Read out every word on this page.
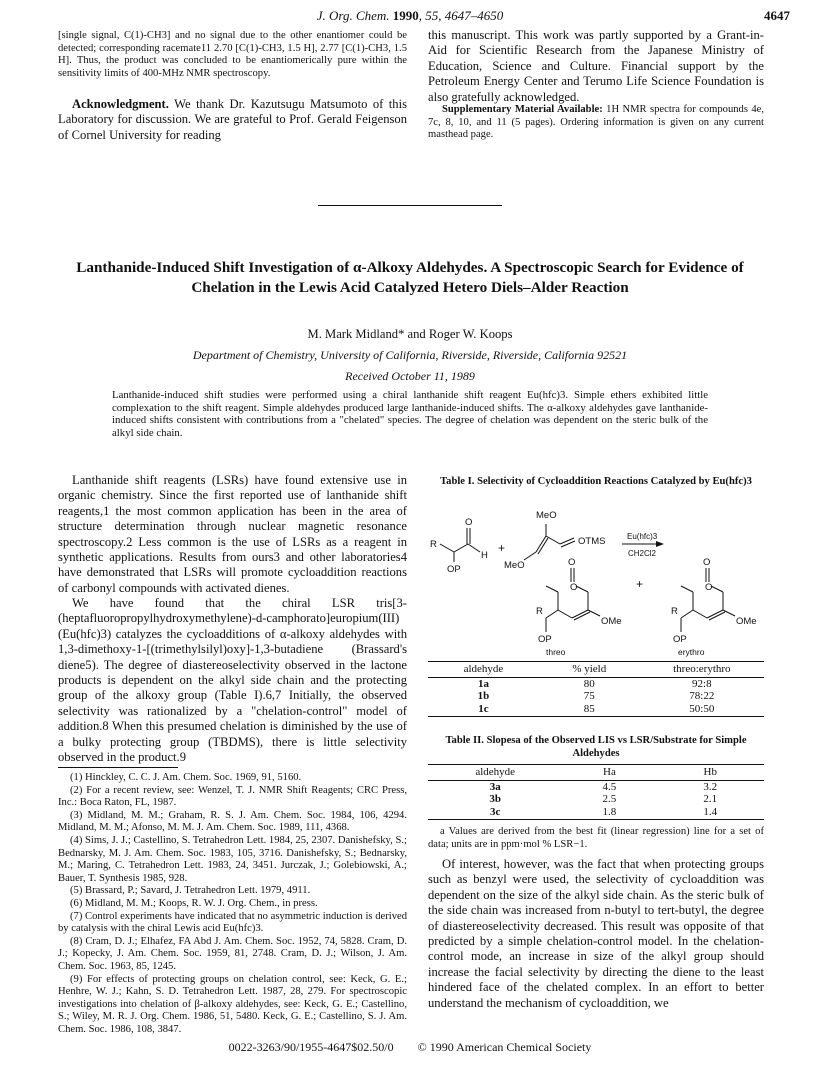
J. Org. Chem. 1990, 55, 4647–4650	4647
[single signal, C(1)-CH3] and no signal due to the other enantiomer could be detected; corresponding racemate11 2.70 [C(1)-CH3, 1.5 H], 2.77 [C(1)-CH3, 1.5 H]. Thus, the product was concluded to be enantiomerically pure within the sensitivity limits of 400-MHz NMR spectroscopy.
Acknowledgment. We thank Dr. Kazutsugu Matsumoto of this Laboratory for discussion. We are grateful to Prof. Gerald Feigenson of Cornel University for reading
this manuscript. This work was partly supported by a Grant-in-Aid for Scientific Research from the Japanese Ministry of Education, Science and Culture. Financial support by the Petroleum Energy Center and Terumo Life Science Foundation is also gratefully acknowledged.
Supplementary Material Available: 1H NMR spectra for compounds 4e, 7c, 8, 10, and 11 (5 pages). Ordering information is given on any current masthead page.
Lanthanide-Induced Shift Investigation of α-Alkoxy Aldehydes. A Spectroscopic Search for Evidence of Chelation in the Lewis Acid Catalyzed Hetero Diels–Alder Reaction
M. Mark Midland* and Roger W. Koops
Department of Chemistry, University of California, Riverside, Riverside, California 92521
Received October 11, 1989
Lanthanide-induced shift studies were performed using a chiral lanthanide shift reagent Eu(hfc)3. Simple ethers exhibited little complexation to the shift reagent. Simple aldehydes produced large lanthanide-induced shifts. The α-alkoxy aldehydes gave lanthanide-induced shifts consistent with contributions from a "chelated" species. The degree of chelation was dependent on the steric bulk of the alkyl side chain.
Lanthanide shift reagents (LSRs) have found extensive use in organic chemistry. Since the first reported use of lanthanide shift reagents,1 the most common application has been in the area of structure determination through nuclear magnetic resonance spectroscopy.2 Less common is the use of LSRs as a reagent in synthetic applications. Results from ours3 and other laboratories4 have demonstrated that LSRs will promote cycloaddition reactions of carbonyl compounds with activated dienes.
We have found that the chiral LSR tris[3-(heptafluoropropylhydroxymethylene)-d-camphorato]europium(III) (Eu(hfc)3) catalyzes the cycloadditions of α-alkoxy aldehydes with 1,3-dimethoxy-1-[(trimethylsilyl)oxy]-1,3-butadiene (Brassard's diene5). The degree of diastereoselectivity observed in the lactone products is dependent on the alkyl side chain and the protecting group of the alkoxy group (Table I).6,7 Initially, the observed selectivity was rationalized by a "chelation-control" model of addition.8 When this presumed chelation is diminished by the use of a bulky protecting group (TBDMS), there is little selectivity observed in the product.9
(1) Hinckley, C. C. J. Am. Chem. Soc. 1969, 91, 5160.
(2) For a recent review, see: Wenzel, T. J. NMR Shift Reagents; CRC Press, Inc.: Boca Raton, FL, 1987.
(3) Midland, M. M.; Graham, R. S. J. Am. Chem. Soc. 1984, 106, 4294. Midland, M. M.; Afonso, M. M. J. Am. Chem. Soc. 1989, 111, 4368.
(4) Sims, J. J.; Castellino, S. Tetrahedron Lett. 1984, 25, 2307. Danishefsky, S.; Bednarsky, M. J. Am. Chem. Soc. 1983, 105, 3716. Danishefsky, S.; Bednarsky, M.; Maring, C. Tetrahedron Lett. 1983, 24, 3451. Jurczak, J.; Golebiowski, A.; Bauer, T. Synthesis 1985, 928.
(5) Brassard, P.; Savard, J. Tetrahedron Lett. 1979, 4911.
(6) Midland, M. M.; Koops, R. W. J. Org. Chem., in press.
(7) Control experiments have indicated that no asymmetric induction is derived by catalysis with the chiral Lewis acid Eu(hfc)3.
(8) Cram, D. J.; Elhafez, FA Abd J. Am. Chem. Soc. 1952, 74, 5828. Cram, D. J.; Kopecky, J. Am. Chem. Soc. 1959, 81, 2748. Cram, D. J.; Wilson, J. Am. Chem. Soc. 1963, 85, 1245.
(9) For effects of protecting groups on chelation control, see: Keck, G. E.; Henhre, W. J.; Kahn, S. D. Tetrahedron Lett. 1987, 28, 279. For spectroscopic investigations into chelation of β-alkoxy aldehydes, see: Keck, G. E.; Castellino, S.; Wiley, M. R. J. Org. Chem. 1986, 51, 5480. Keck, G. E.; Castellino, S. J. Am. Chem. Soc. 1986, 108, 3847.
Table I. Selectivity of Cycloaddition Reactions Catalyzed by Eu(hfc)3
R
H
O
OP
+
MeO
MeO
OTMS	Eu(hfc)3
CH2Cl2
O
O
R
OMe
OP
threo
+
O
O
R
OMe
OP
erythro
aldehyde	% yield	threo:erythro
1a	80	92:8
1b	75	78:22
1c	85	50:50
Table II. Slopesa of the Observed LIS vs LSR/Substrate for Simple Aldehydes
aldehyde	Ha	Hb
3a	4.5	3.2
3b	2.5	2.1
3c	1.8	1.4
a Values are derived from the best fit (linear regression) line for a set of data; units are in ppm·mol % LSR−1.
Of interest, however, was the fact that when protecting groups such as benzyl were used, the selectivity of cycloaddition was dependent on the size of the alkyl side chain. As the steric bulk of the side chain was increased from n-butyl to tert-butyl, the degree of diastereoselectivity decreased. This result was opposite of that predicted by a simple chelation-control model. In the chelation-control mode, an increase in size of the alkyl group should increase the facial selectivity by directing the diene to the least hindered face of the chelated complex. In an effort to better understand the mechanism of cycloaddition, we
0022-3263/90/1955-4647$02.50/0 © 1990 American Chemical Society
